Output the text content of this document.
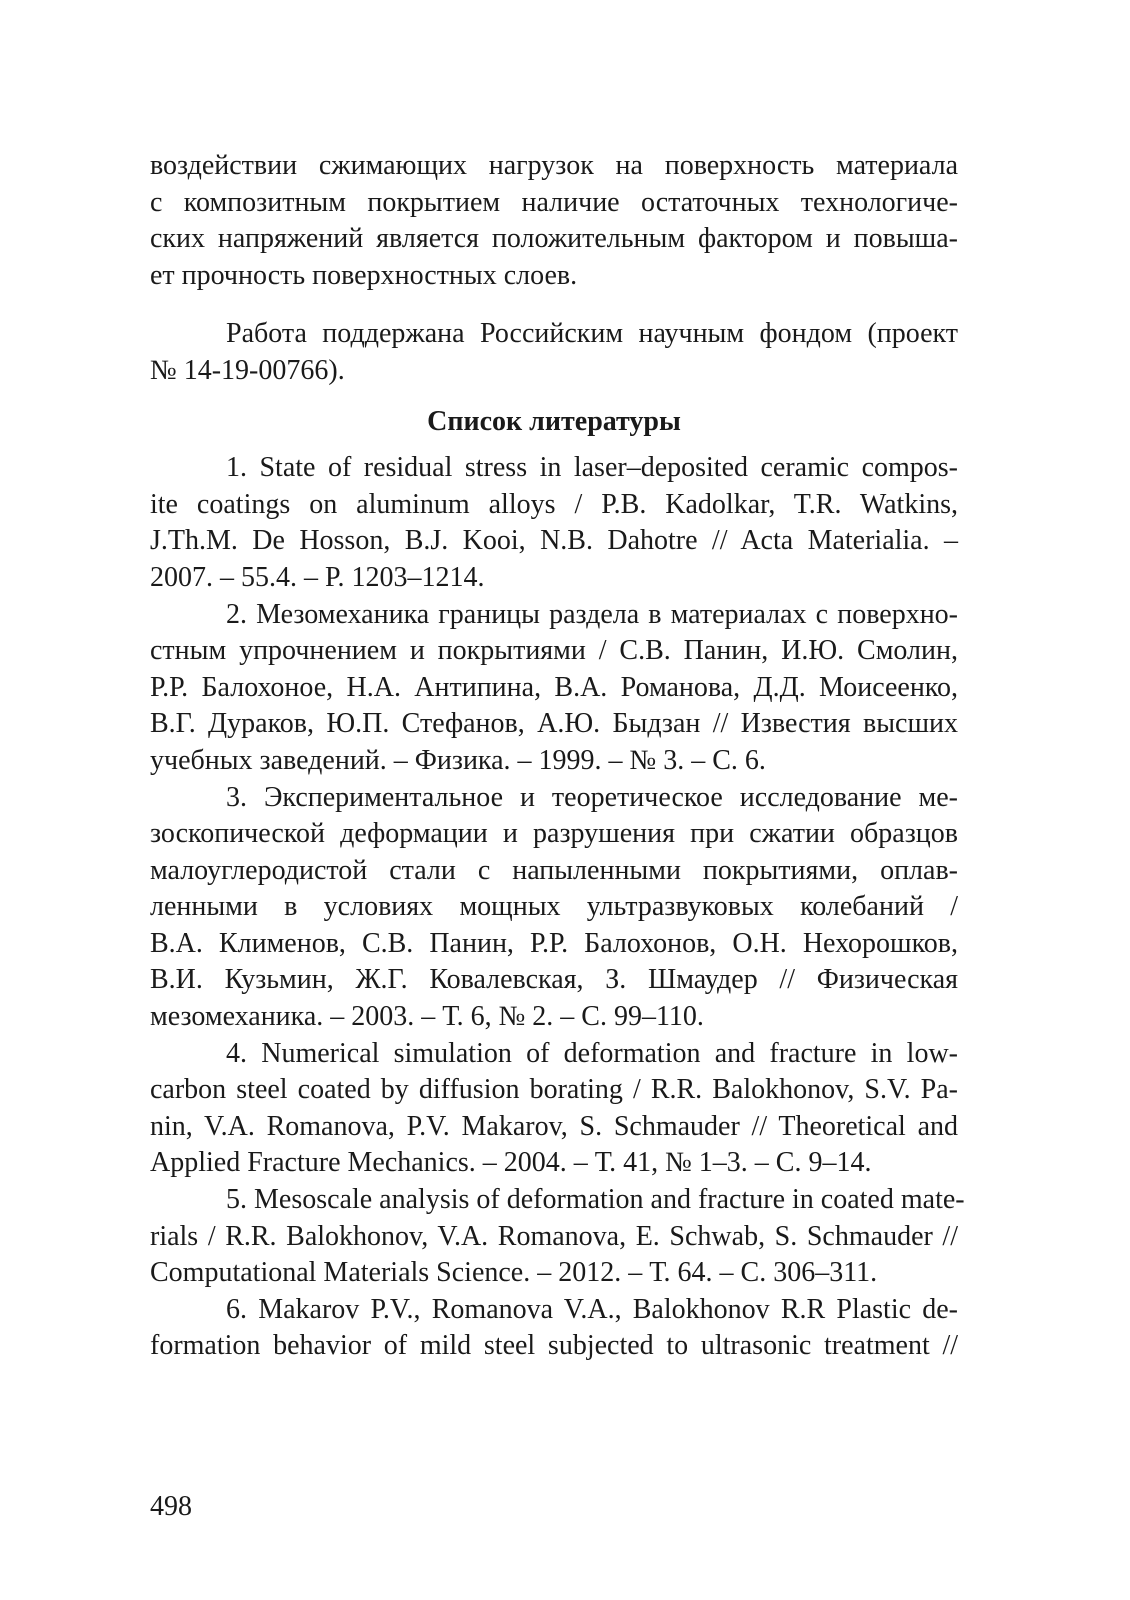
воздействии сжимающих нагрузок на поверхность материала
с композитным покрытием наличие остаточных технологиче-
ских напряжений является положительным фактором и повыша-
ет прочность поверхностных слоев.
Работа поддержана Российским научным фондом (проект
№ 14-19-00766).
Список литературы
1. State of residual stress in laser–deposited ceramic compos-
ite coatings on aluminum alloys / P.B. Kadolkar, T.R. Watkins,
J.Th.M. De Hosson, B.J. Kooi, N.B. Dahotre // Acta Materialia. –
2007. – 55.4. – P. 1203–1214.
2. Мезомеханика границы раздела в материалах с поверхно-
стным упрочнением и покрытиями / С.В. Панин, И.Ю. Смолин,
Р.Р. Балохоное, Н.А. Антипина, В.А. Романова, Д.Д. Моисеенко,
В.Г. Дураков, Ю.П. Стефанов, А.Ю. Быдзан // Известия высших
учебных заведений. – Физика. – 1999. – № 3. – С. 6.
3. Экспериментальное и теоретическое исследование ме-
зоскопической деформации и разрушения при сжатии образцов
малоуглеродистой стали с напыленными покрытиями, оплав-
ленными в условиях мощных ультразвуковых колебаний /
В.А. Клименов, С.В. Панин, Р.Р. Балохонов, О.Н. Нехорошков,
В.И. Кузьмин, Ж.Г. Ковалевская, З. Шмаудер // Физическая
мезомеханика. – 2003. – Т. 6, № 2. – С. 99–110.
4. Numerical simulation of deformation and fracture in low-
carbon steel coated by diffusion borating / R.R. Balokhonov, S.V. Pa-
nin, V.A. Romanova, P.V. Makarov, S. Schmauder // Theoretical and
Applied Fracture Mechanics. – 2004. – Т. 41, № 1–3. – С. 9–14.
5. Mesoscale analysis of deformation and fracture in coated mate-
rials / R.R. Balokhonov, V.A. Romanova, E. Schwab, S. Schmauder //
Computational Materials Science. – 2012. – Т. 64. – С. 306–311.
6. Makarov P.V., Romanova V.A., Balokhonov R.R Plastic de-
formation behavior of mild steel subjected to ultrasonic treatment //
498
